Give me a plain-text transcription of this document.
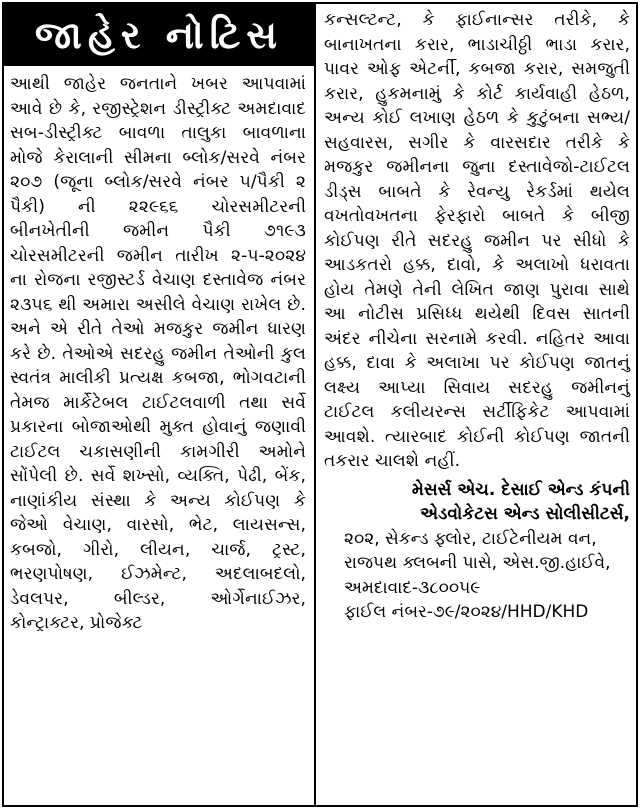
જાહેર નોટિસ

આથી જાહેર જનતાને ખબર આપવામાં આવે છે કે, રજીસ્ટ્રેશન ડીસ્ટ્રીક્ટ અમદાવાદ સબ-ડીસ્ટ્રીક્ટ બાવળા તાલુકા બાવળાના મોજે કેરાલાની સીમના બ્લોક/સરવે નંબર ૨૦૭ (જૂના બ્લોક/સરવે નંબર ૫/પૈકી ૨ પૈકી) ની ૨૨૯૬૬ ચોરસમીટરની બીનખેતીની જમીન પૈકી ૭૧૯૩ ચોરસમીટરની જમીન તારીખ ૨-૫-૨૦૨૪ ના રોજના રજીસ્ટર્ડ વેચાણ દસ્તાવેજ નંબર ૨૩૫૬ થી અમારા અસીલે વેચાણ રાખેલ છે. અને એ રીતે તેઓ મજકુર જમીન ધારણ કરે છે. તેઓએ સદરહુ જમીન તેઓની કુલ સ્વતંત્ર માલીકી પ્રત્યક્ષ કબજા, ભોગવટાની તેમજ માર્કેટેબલ ટાઈટલવાળી તથા સર્વે પ્રકારના બોજાઓથી મુક્ત હોવાનું જણાવી ટાઈટલ ચકાસણીની કામગીરી અમોને સોંપેલી છે. સર્વે શખ્સો, વ્યક્તિ, પેઢી, બેંક, નાણાંકીય સંસ્થા કે અન્ય કોઈપણ કે જેઓ વેચાણ, વારસો, ભેટ, લાયસન્સ, કબજો, ગીરો, લીયન, ચાર્જ, ટ્રસ્ટ, ભરણપોષણ, ઈઝમેન્ટ, અદલાબદલો, ડેવલપર, બીલ્ડર, ઓર્ગેનાઈઝર, કોન્ટ્રાક્ટર, પ્રોજેક્ટ

કન્સલ્ટન્ટ, કે ફાઈનાન્સર તરીકે, કે બાનાખતના કરાર, ભાડાચીઠ્ઠી ભાડા કરાર, પાવર ઓફ એટર્ની, કબજા કરાર, સમજુતી કરાર, હુકમનામું કે કોર્ટ કાર્યવાહી હેઠળ, અન્ય કોઈ લખાણ હેઠળ કે કુટુંબના સભ્ય/સહવારસ, સગીર કે વારસદાર તરીકે કે મજકુર જમીનના જુના દસ્તાવેજો-ટાઈટલ ડીડ્સ બાબતે કે રેવન્યુ રેકર્ડમાં થયેલ વખતોવખતના ફેરફારો બાબતે કે બીજી કોઈપણ રીતે સદરહુ જમીન પર સીધો કે આડકતરો હક્ક, દાવો, કે અલાખો ધરાવતા હોય તેમણે તેની લેખિત જાણ પુરાવા સાથે આ નોટીસ પ્રસિધ્ધ થયેથી દિવસ સાતની અંદર નીચેના સરનામે કરવી. નહિતર આવા હક્ક, દાવા કે અલાખા પર કોઈપણ જાતનું લક્ષ્ય આપ્યા સિવાય સદરહુ જમીનનું ટાઈટલ કલીયરન્સ સર્ટીફિકેટ આપવામાં આવશે. ત્યારબાદ કોઈની કોઈપણ જાતની તકરાર ચાલશે નહીં.

મેસર્સ એચ. દેસાઈ એન્ડ કંપની
એડવોકેટસ એન્ડ સોલીસીટર્સ,
૨૦૨, સેકન્ડ ફ્લોર, ટાઈટેનીયમ વન,
રાજપથ ક્લબની પાસે, એસ.જી.હાઈવે,
અમદાવાદ-૩૮૦૦૫૯
ફાઈલ નંબર-૭૯/૨૦૨૪/HHD/KHD
